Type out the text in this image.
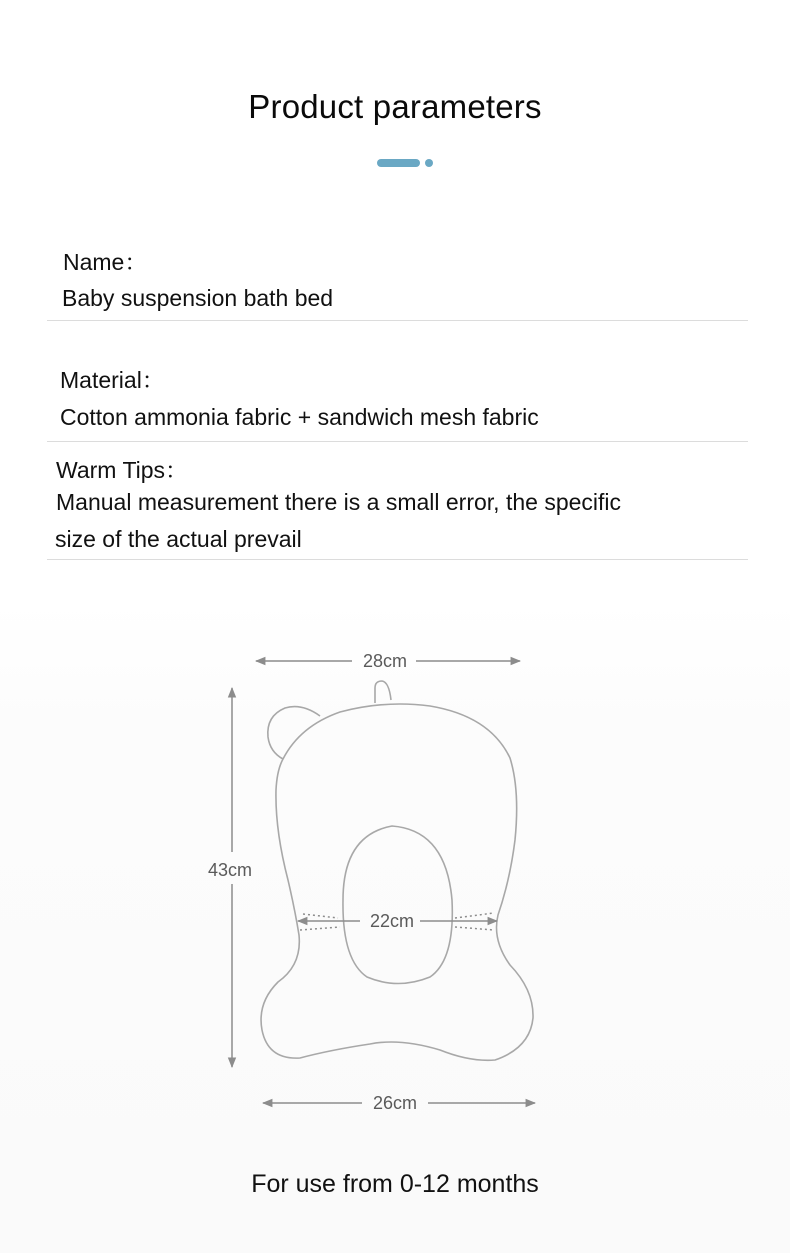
Product parameters
Name：
Baby suspension bath bed
Material：
Cotton ammonia fabric + sandwich mesh fabric
Warm Tips：
Manual measurement there is a small error, the specific
size of the actual prevail
28cm
43cm
22cm
26cm
For use from 0-12 months
